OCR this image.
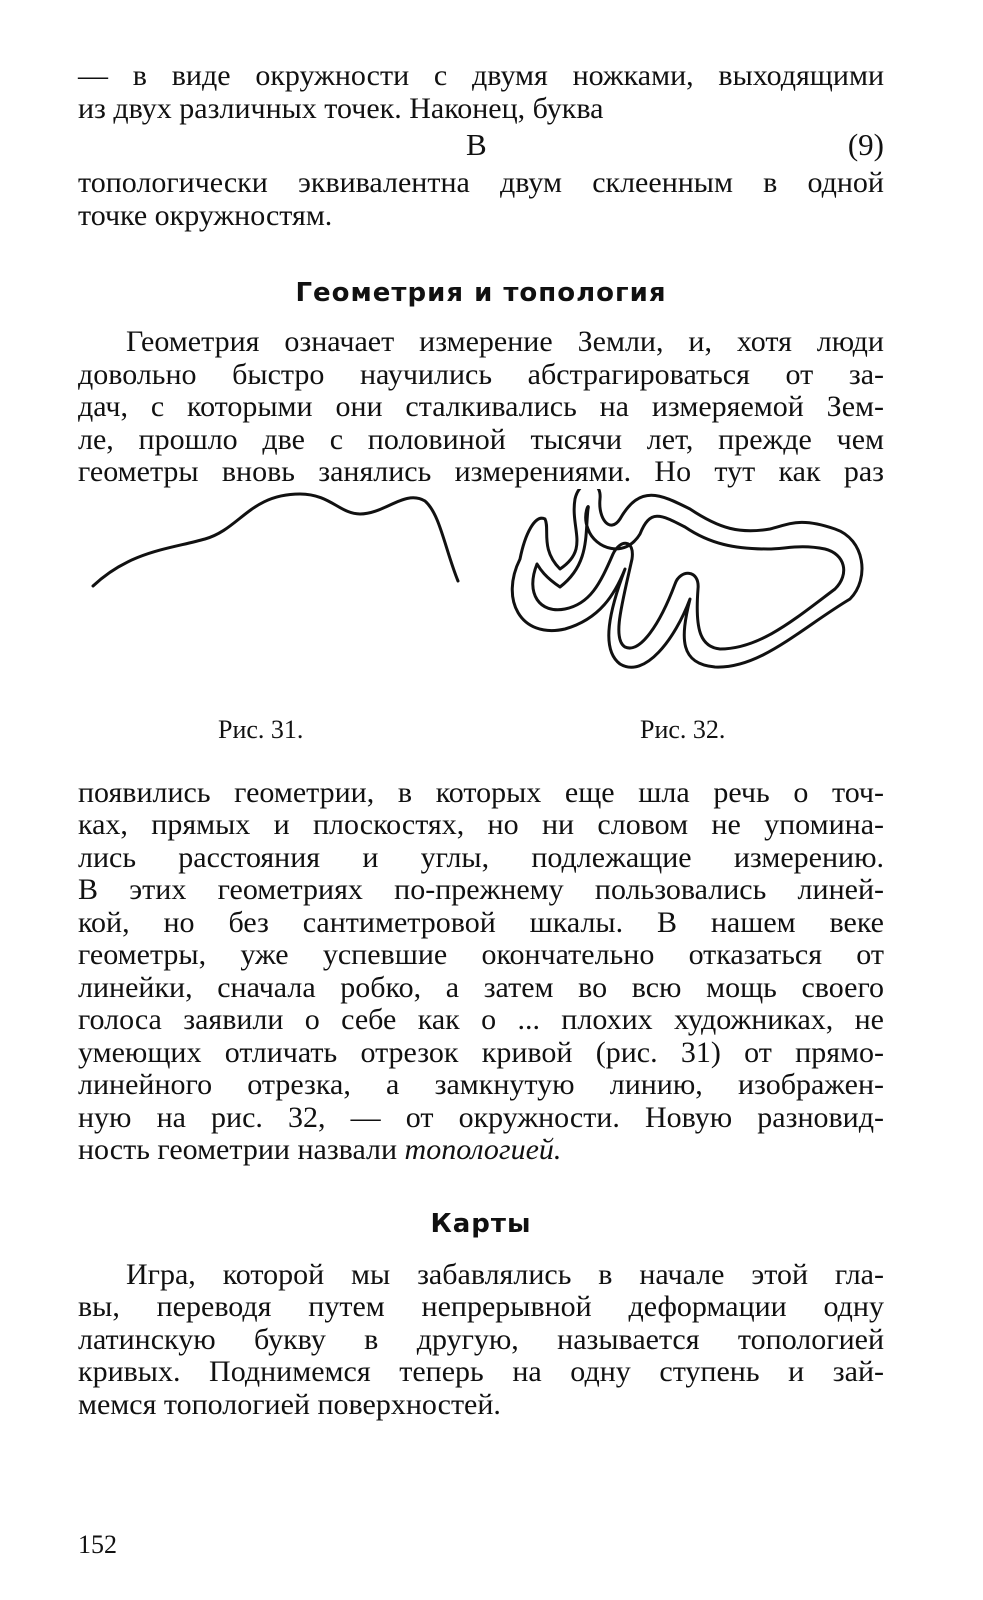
— в виде окружности с двумя ножками, выходящими
из двух различных точек. Наконец, буква

B	(9)

топологически эквивалентна двум склеенным в одной
точке окружностям.

Геометрия и топология

Геометрия означает измерение Земли, и, хотя люди
довольно быстро научились абстрагироваться от за-
дач, с которыми они сталкивались на измеряемой Зем-
ле, прошло две с половиной тысячи лет, прежде чем
геометры вновь занялись измерениями. Но тут как раз

Рис. 31.	Рис. 32.

появились геометрии, в которых еще шла речь о точ-
ках, прямых и плоскостях, но ни словом не упомина-
лись расстояния и углы, подлежащие измерению.
В этих геометриях по-прежнему пользовались линей-
кой, но без сантиметровой шкалы. В нашем веке
геометры, уже успевшие окончательно отказаться от
линейки, сначала робко, а затем во всю мощь своего
голоса заявили о себе как о ... плохих художниках, не
умеющих отличать отрезок кривой (рис. 31) от прямо-
линейного отрезка, а замкнутую линию, изображен-
ную на рис. 32, — от окружности. Новую разновид-
ность геометрии назвали топологией.

Карты

Игра, которой мы забавлялись в начале этой гла-
вы, переводя путем непрерывной деформации одну
латинскую букву в другую, называется топологией
кривых. Поднимемся теперь на одну ступень и зай-
мемся топологией поверхностей.

152
